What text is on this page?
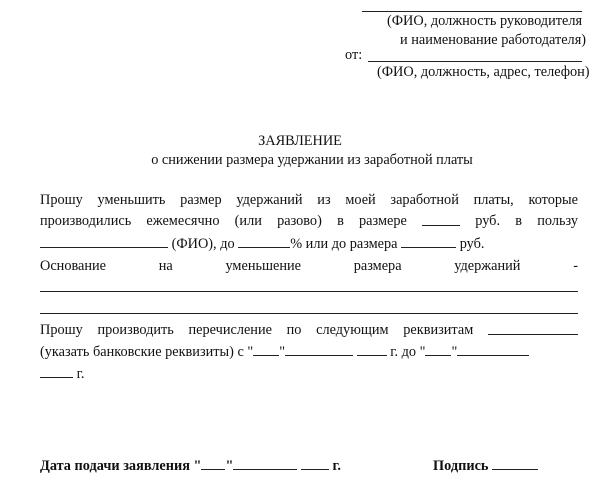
(ФИО, должность руководителя
и наименование работодателя)
от:
(ФИО, должность, адрес, телефон)
ЗАЯВЛЕНИЕ
о снижении размера удержании из заработной платы
Прошу уменьшить размер удержаний из моей заработной платы, которые
производились ежемесячно (или разово) в размере	руб. в пользу
(ФИО), до	% или до размера	руб.
Основание	на	уменьшение	размера	удержаний	-
Прошу производить перечисление по следующим реквизитам
(указать банковские реквизиты) с " "	г. до " "
г.
Дата подачи заявления " "	г.	Подпись
